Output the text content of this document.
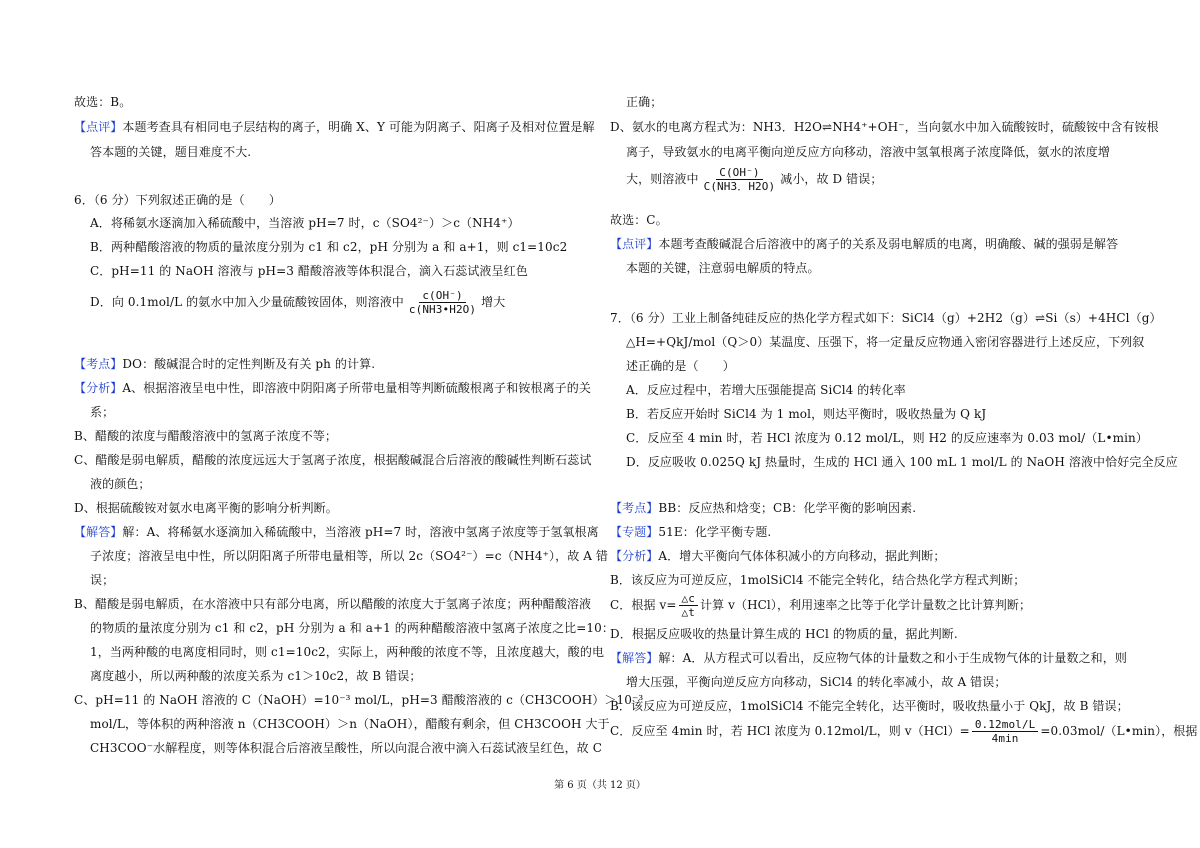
故选：B。
【点评】本题考查具有相同电子层结构的离子，明确 X、Y 可能为阴离子、阳离子及相对位置是解
答本题的关键，题目难度不大.
6．（6 分）下列叙述正确的是（　　）
A．将稀氨水逐滴加入稀硫酸中，当溶液 pH=7 时，c（SO4²⁻）＞c（NH4⁺）
B．两种醋酸溶液的物质的量浓度分别为 c1 和 c2，pH 分别为 a 和 a+1，则 c1=10c2
C．pH=11 的 NaOH 溶液与 pH=3 醋酸溶液等体积混合，滴入石蕊试液呈红色
D．向 0.1mol/L 的氨水中加入少量硫酸铵固体，则溶液中 $\frac{c(OH^-)}{c(NH3•H2O)}$ 增大
【考点】DO：酸碱混合时的定性判断及有关 ph 的计算.
【分析】A、根据溶液呈电中性，即溶液中阴阳离子所带电量相等判断硫酸根离子和铵根离子的关
系；
B、醋酸的浓度与醋酸溶液中的氢离子浓度不等；
C、醋酸是弱电解质，醋酸的浓度远远大于氢离子浓度，根据酸碱混合后溶液的酸碱性判断石蕊试
液的颜色；
D、根据硫酸铵对氨水电离平衡的影响分析判断。
【解答】解：A、将稀氨水逐滴加入稀硫酸中，当溶液 pH=7 时，溶液中氢离子浓度等于氢氧根离
子浓度；溶液呈电中性，所以阴阳离子所带电量相等，所以 2c（SO4²⁻）=c（NH4⁺），故 A 错
误；
B、醋酸是弱电解质，在水溶液中只有部分电离，所以醋酸的浓度大于氢离子浓度；两种醋酸溶液
的物质的量浓度分别为 c1 和 c2，pH 分别为 a 和 a+1 的两种醋酸溶液中氢离子浓度之比=10：
1，当两种酸的电离度相同时，则 c1=10c2，实际上，两种酸的浓度不等，且浓度越大，酸的电
离度越小，所以两种酸的浓度关系为 c1＞10c2，故 B 错误；
C、pH=11 的 NaOH 溶液的 C（NaOH）=10⁻³ mol/L，pH=3 醋酸溶液的 c（CH3COOH）＞10⁻³
mol/L，等体积的两种溶液 n（CH3COOH）＞n（NaOH），醋酸有剩余，但 CH3COOH 大于
CH3COO⁻水解程度，则等体积混合后溶液呈酸性，所以向混合液中滴入石蕊试液呈红色，故 C
正确；
D、氨水的电离方程式为：NH3．H2O⇌NH4⁺+OH⁻，当向氨水中加入硫酸铵时，硫酸铵中含有铵根
离子，导致氨水的电离平衡向逆反应方向移动，溶液中氢氧根离子浓度降低，氨水的浓度增
大，则溶液中 $\frac{C(OH^-)}{C(NH3.H2O)}$ 减小，故 D 错误；
故选：C。
【点评】本题考查酸碱混合后溶液中的离子的关系及弱电解质的电离，明确酸、碱的强弱是解答
本题的关键，注意弱电解质的特点。
7．（6 分）工业上制备纯硅反应的热化学方程式如下：SiCl4（g）+2H2（g）⇌Si（s）+4HCl（g）
△H=+QkJ/mol（Q＞0）某温度、压强下，将一定量反应物通入密闭容器进行上述反应，下列叙
述正确的是（　　）
A．反应过程中，若增大压强能提高 SiCl4 的转化率
B．若反应开始时 SiCl4 为 1 mol，则达平衡时，吸收热量为 Q kJ
C．反应至 4 min 时，若 HCl 浓度为 0.12 mol/L，则 H2 的反应速率为 0.03 mol/（L•min）
D．反应吸收 0.025Q kJ 热量时，生成的 HCl 通入 100 mL 1 mol/L 的 NaOH 溶液中恰好完全反应
【考点】BB：反应热和焓变；CB：化学平衡的影响因素.
【专题】51E：化学平衡专题.
【分析】A．增大平衡向气体体积减小的方向移动，据此判断；
B．该反应为可逆反应，1molSiCl4 不能完全转化，结合热化学方程式判断；
C．根据 $v= \frac{\triangle c}{\triangle t}$ 计算 v（HCl），利用速率之比等于化学计量数之比计算判断；
D．根据反应吸收的热量计算生成的 HCl 的物质的量，据此判断.
【解答】解：A．从方程式可以看出，反应物气体的计量数之和小于生成物气体的计量数之和，则
增大压强，平衡向逆反应方向移动，SiCl4 的转化率减小，故 A 错误；
B．该反应为可逆反应，1molSiCl4 不能完全转化，达平衡时，吸收热量小于 QkJ，故 B 错误；
C．反应至 4min 时，若 HCl 浓度为 0.12mol/L，则 $v(HCl)= \frac{\text{0.12mol/L}}{4\min}$ =0.03mol/（L•min），根据
第 6 页（共 12 页）
